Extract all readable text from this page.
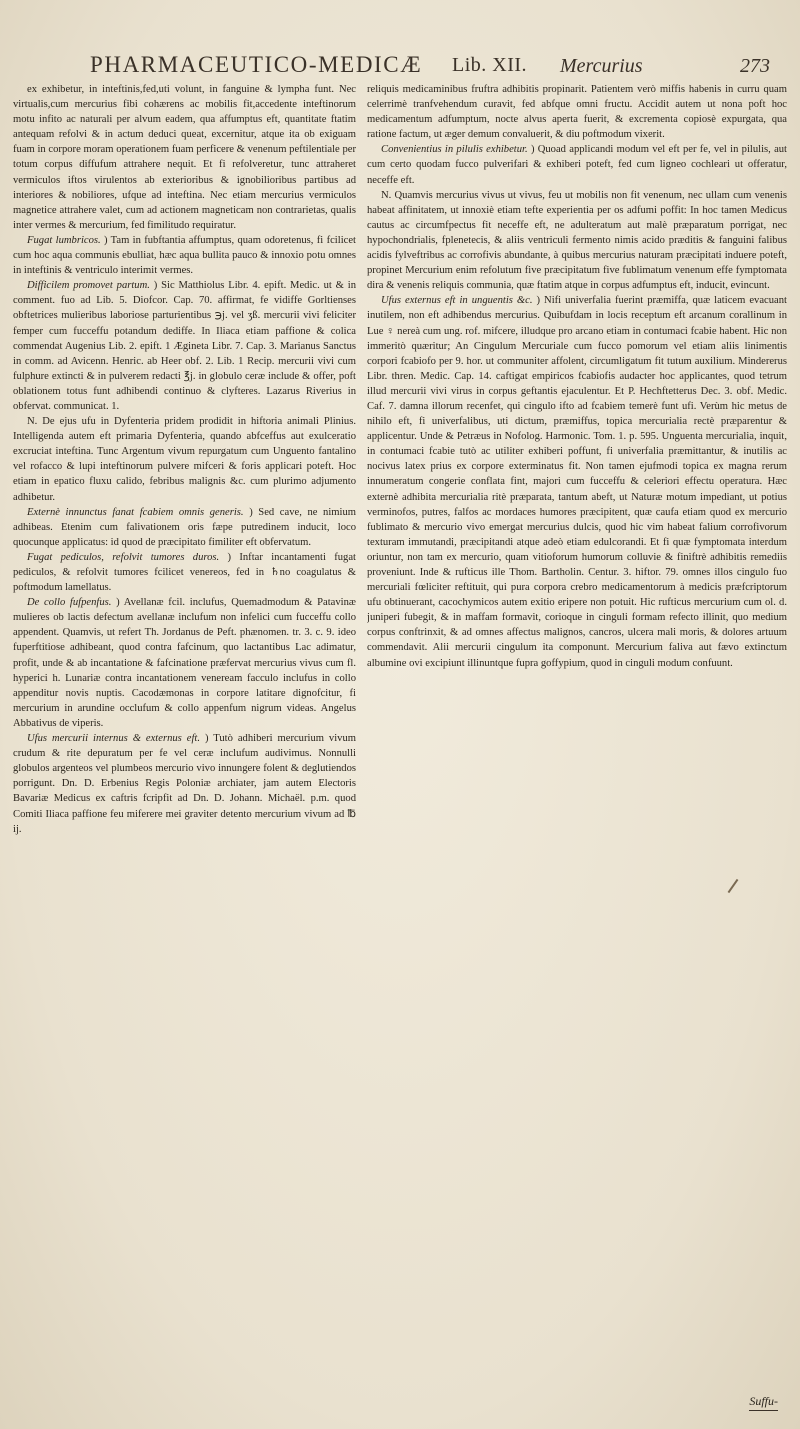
PHARMACEUTICO-MEDICÆ Lib. XII. Mercurius	273

ex exhibetur, in inteftinis,fed,uti volunt, in fanguine & lympha funt. Nec virtualis,cum mercurius fibi cohærens ac mobilis fit,accedente inteftinorum motu infito ac naturali per alvum eadem, qua affumptus eft, quantitate ftatim antequam refolvi & in actum deduci queat, excernitur, atque ita ob exiguam fuam in corpore moram operationem fuam perficere & venenum peftilentiale per totum corpus diffufum attrahere nequit. Et fi refolveretur, tunc attraheret vermiculos iftos virulentos ab exterioribus & ignobilioribus partibus ad interiores & nobiliores, ufque ad inteftina. Nec etiam mercurius vermiculos magnetice attrahere valet, cum ad actionem magneticam non contrarietas, qualis inter vermes & mercurium, fed fimilitudo requiratur.

Fugat lumbricos. ) Tam in fubftantia affumptus, quam odoretenus, fi fcilicet cum hoc aqua communis ebulliat, hæc aqua bullita pauco & innoxio potu omnes in inteftinis & ventriculo interimit vermes.

Difficilem promovet partum. ) Sic Matthiolus Libr. 4. epift. Medic. ut & in comment. fuo ad Lib. 5. Diofcor. Cap. 70. affirmat, fe vidiffe Gorltienses obftetrices mulieribus laboriose parturientibus ℈j. vel ʒß. mercurii vivi feliciter femper cum fucceffu potandum dediffe. In Iliaca etiam paffione & colica commendat Augenius Lib. 2. epift. 1 Ægineta Libr. 7. Cap. 3. Marianus Sanctus in comm. ad Avicenn. Henric. ab Heer obf. 2. Lib. 1 Recip. mercurii vivi cum fulphure extincti & in pulverem redacti ℥j. in globulo ceræ include & offer, poft oblationem totus funt adhibendi continuo & clyfteres. Lazarus Riverius in obfervat. communicat. 1.

N. De ejus ufu in Dyfenteria pridem prodidit in hiftoria animali Plinius. Intelligenda autem eft primaria Dyfenteria, quando abfceffus aut exulceratio excruciat inteftina. Tunc Argentum vivum repurgatum cum Unguento fantalino vel rofacco & lupi inteftinorum pulvere mifceri & foris applicari poteft. Hoc etiam in epatico fluxu calido, febribus malignis &c. cum plurimo adjumento adhibetur.

Externè innunctus fanat fcabiem omnis generis. ) Sed cave, ne nimium adhibeas. Etenim cum falivationem oris fæpe putredinem inducit, loco quocunque applicatus: id quod de præcipitato fimiliter eft obfervatum.

Fugat pediculos, refolvit tumores duros. ) Inftar incantamenti fugat pediculos, & refolvit tumores fcilicet venereos, fed in ♄no coagulatus & poftmodum lamellatus.

De collo fufpenfus. ) Avellanæ fcil. inclufus, Quemadmodum & Patavinæ mulieres ob lactis defectum avellanæ inclufum non infelici cum fucceffu collo appendent. Quamvis, ut refert Th. Jordanus de Peft. phænomen. tr. 3. c. 9. ideo fuperftitiose adhibeant, quod contra fafcinum, quo lactantibus Lac adimatur, profit, unde & ab incantatione & fafcinatione præfervat mercurius vivus cum fl. hyperici h. Lunariæ contra incantationem veneream facculo inclufus in collo appenditur novis nuptis. Cacodæmonas in corpore latitare dignofcitur, fi mercurium in arundine occlufum & collo appenfum nigrum videas. Angelus Abbativus de viperis.

Ufus mercurii internus & externus eft. ) Tutò adhiberi mercurium vivum crudum & rite depuratum per fe vel ceræ inclufum audivimus. Nonnulli globulos argenteos vel plumbeos mercurio vivo innungere folent & deglutiendos porrigunt. Dn. D. Erbenius Regis Poloniæ archiater, jam autem Electoris Bavariæ Medicus ex caftris fcripfit ad Dn. D. Johann. Michaël. p.m. quod Comiti Iliaca paffione feu miferere mei graviter detento mercurium vivum ad ℔ ij.

reliquis medicaminibus fruftra adhibitis propinarit. Patientem verò miffis habenis in curru quam celerrimè tranfvehendum curavit, fed abfque omni fructu. Accidit autem ut nona poft hoc medicamentum adfumptum, nocte alvus aperta fuerit, & excrementa copiosè expurgata, qua ratione factum, ut æger demum convaluerit, & diu poftmodum vixerit.

Convenientius in pilulis exhibetur. ) Quoad applicandi modum vel eft per fe, vel in pilulis, aut cum certo quodam fucco pulverifari & exhiberi poteft, fed cum ligneo cochleari ut offeratur, neceffe eft.

N. Quamvis mercurius vivus ut vivus, feu ut mobilis non fit venenum, nec ullam cum venenis habeat affinitatem, ut innoxiè etiam tefte experientia per os adfumi poffit: In hoc tamen Medicus cautus ac circumfpectus fit neceffe eft, ne adulteratum aut malè præparatum porrigat, nec hypochondrialis, fplenetecis, & aliis ventriculi fermento nimis acido præditis & fanguini falibus acidis fylveftribus ac corrofivis abundante, à quibus mercurius naturam præcipitati induere poteft, propinet Mercurium enim refolutum five præcipitatum five fublimatum venenum effe fymptomata dira & venenis reliquis communia, quæ ftatim atque in corpus adfumptus eft, inducit, evincunt.

Ufus externus eft in unguentis &c. ) Nifi univerfalia fuerint præmiffa, quæ laticem evacuant inutilem, non eft adhibendus mercurius. Quibufdam in locis receptum eft arcanum corallinum in Lue ♀ nereà cum ung. rof. mifcere, illudque pro arcano etiam in contumaci fcabie habent. Hic non immeritò quæritur; An Cingulum Mercuriale cum fucco pomorum vel etiam aliis linimentis corpori fcabiofo per 9. hor. ut communiter affolent, circumligatum fit tutum auxilium. Mindererus Libr. thren. Medic. Cap. 14. caftigat empiricos fcabiofis audacter hoc applicantes, quod tetrum illud mercurii vivi virus in corpus geftantis ejaculentur. Et P. Hechftetterus Dec. 3. obf. Medic. Caf. 7. damna illorum recenfet, qui cingulo ifto ad fcabiem temerè funt ufi. Verùm hic metus de nihilo eft, fi univerfalibus, uti dictum, præmiffus, topica mercurialia rectè præparentur & applicentur. Unde & Petræus in Nofolog. Harmonic. Tom. 1. p. 595. Unguenta mercurialia, inquit, in contumaci fcabie tutò ac utiliter exhiberi poffunt, fi univerfalia præmittantur, & inutilis ac nocivus latex prius ex corpore exterminatus fit. Non tamen ejufmodi topica ex magna rerum innumeratum congerie conflata fint, majori cum fucceffu & celeriori effectu operatura. Hæc externè adhibita mercurialia ritè præparata, tantum abeft, ut Naturæ motum impediant, ut potius verminofos, putres, falfos ac mordaces humores præcipitent, quæ caufa etiam quod ex mercurio fublimato & mercurio vivo emergat mercurius dulcis, quod hic vim habeat falium corrofivorum texturam immutandi, præcipitandi atque adeò etiam edulcorandi. Et fi quæ fymptomata interdum oriuntur, non tam ex mercurio, quam vitioforum humorum colluvie & finiftrè adhibitis remediis proveniunt. Inde & rufticus ille Thom. Bartholin. Centur. 3. hiftor. 79. omnes illos cingulo fuo mercuriali fœliciter reftituit, qui pura corpora crebro medicamentorum à medicis præfcriptorum ufu obtinuerant, cacochymicos autem exitio eripere non potuit. Hic rufticus mercurium cum ol. d. juniperi fubegit, & in maffam formavit, corioque in cinguli formam refecto illinit, quo medium corpus conftrinxit, & ad omnes affectus malignos, cancros, ulcera mali moris, & dolores artuum commendavit. Alii mercurii cingulum ita componunt. Mercurium faliva aut fævo extinctum albumine ovi excipiunt illinuntque fupra goffypium, quod in cinguli modum confuunt.

Suffu-
